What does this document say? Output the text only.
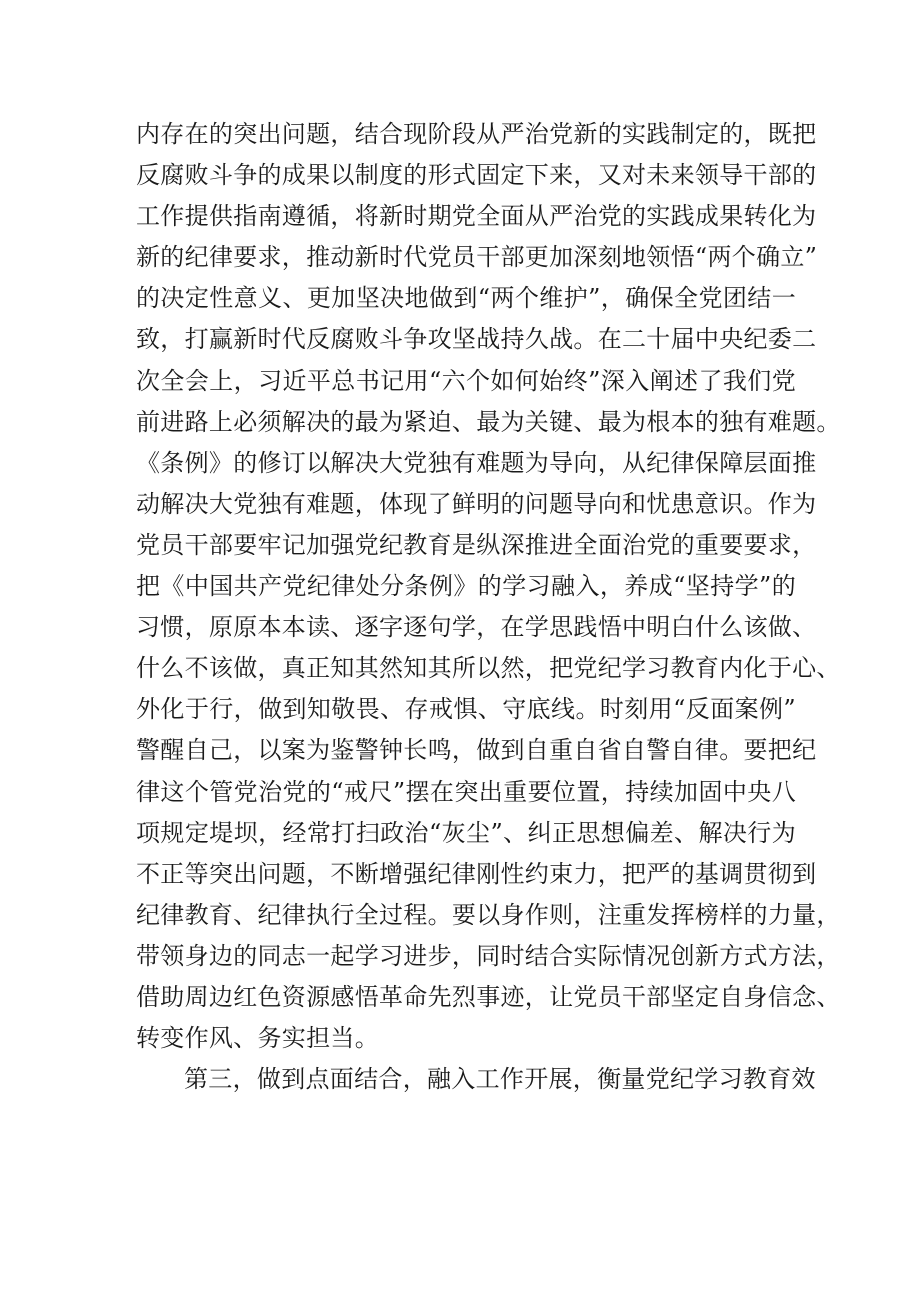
内存在的突出问题，结合现阶段从严治党新的实践制定的，既把
反腐败斗争的成果以制度的形式固定下来，又对未来领导干部的
工作提供指南遵循，将新时期党全面从严治党的实践成果转化为
新的纪律要求，推动新时代党员干部更加深刻地领悟“两个确立”
的决定性意义、更加坚决地做到“两个维护”，确保全党团结一
致，打赢新时代反腐败斗争攻坚战持久战。在二十届中央纪委二
次全会上，习近平总书记用“六个如何始终”深入阐述了我们党
前进路上必须解决的最为紧迫、最为关键、最为根本的独有难题。
《条例》的修订以解决大党独有难题为导向，从纪律保障层面推
动解决大党独有难题，体现了鲜明的问题导向和忧患意识。作为
党员干部要牢记加强党纪教育是纵深推进全面治党的重要要求，
把《中国共产党纪律处分条例》的学习融入，养成“坚持学”的
习惯，原原本本读、逐字逐句学，在学思践悟中明白什么该做、
什么不该做，真正知其然知其所以然，把党纪学习教育内化于心、
外化于行，做到知敬畏、存戒惧、守底线。时刻用“反面案例”
警醒自己，以案为鉴警钟长鸣，做到自重自省自警自律。要把纪
律这个管党治党的“戒尺”摆在突出重要位置，持续加固中央八
项规定堤坝，经常打扫政治“灰尘”、纠正思想偏差、解决行为
不正等突出问题，不断增强纪律刚性约束力，把严的基调贯彻到
纪律教育、纪律执行全过程。要以身作则，注重发挥榜样的力量，
带领身边的同志一起学习进步，同时结合实际情况创新方式方法，
借助周边红色资源感悟革命先烈事迹，让党员干部坚定自身信念、
转变作风、务实担当。
第三，做到点面结合，融入工作开展，衡量党纪学习教育效
